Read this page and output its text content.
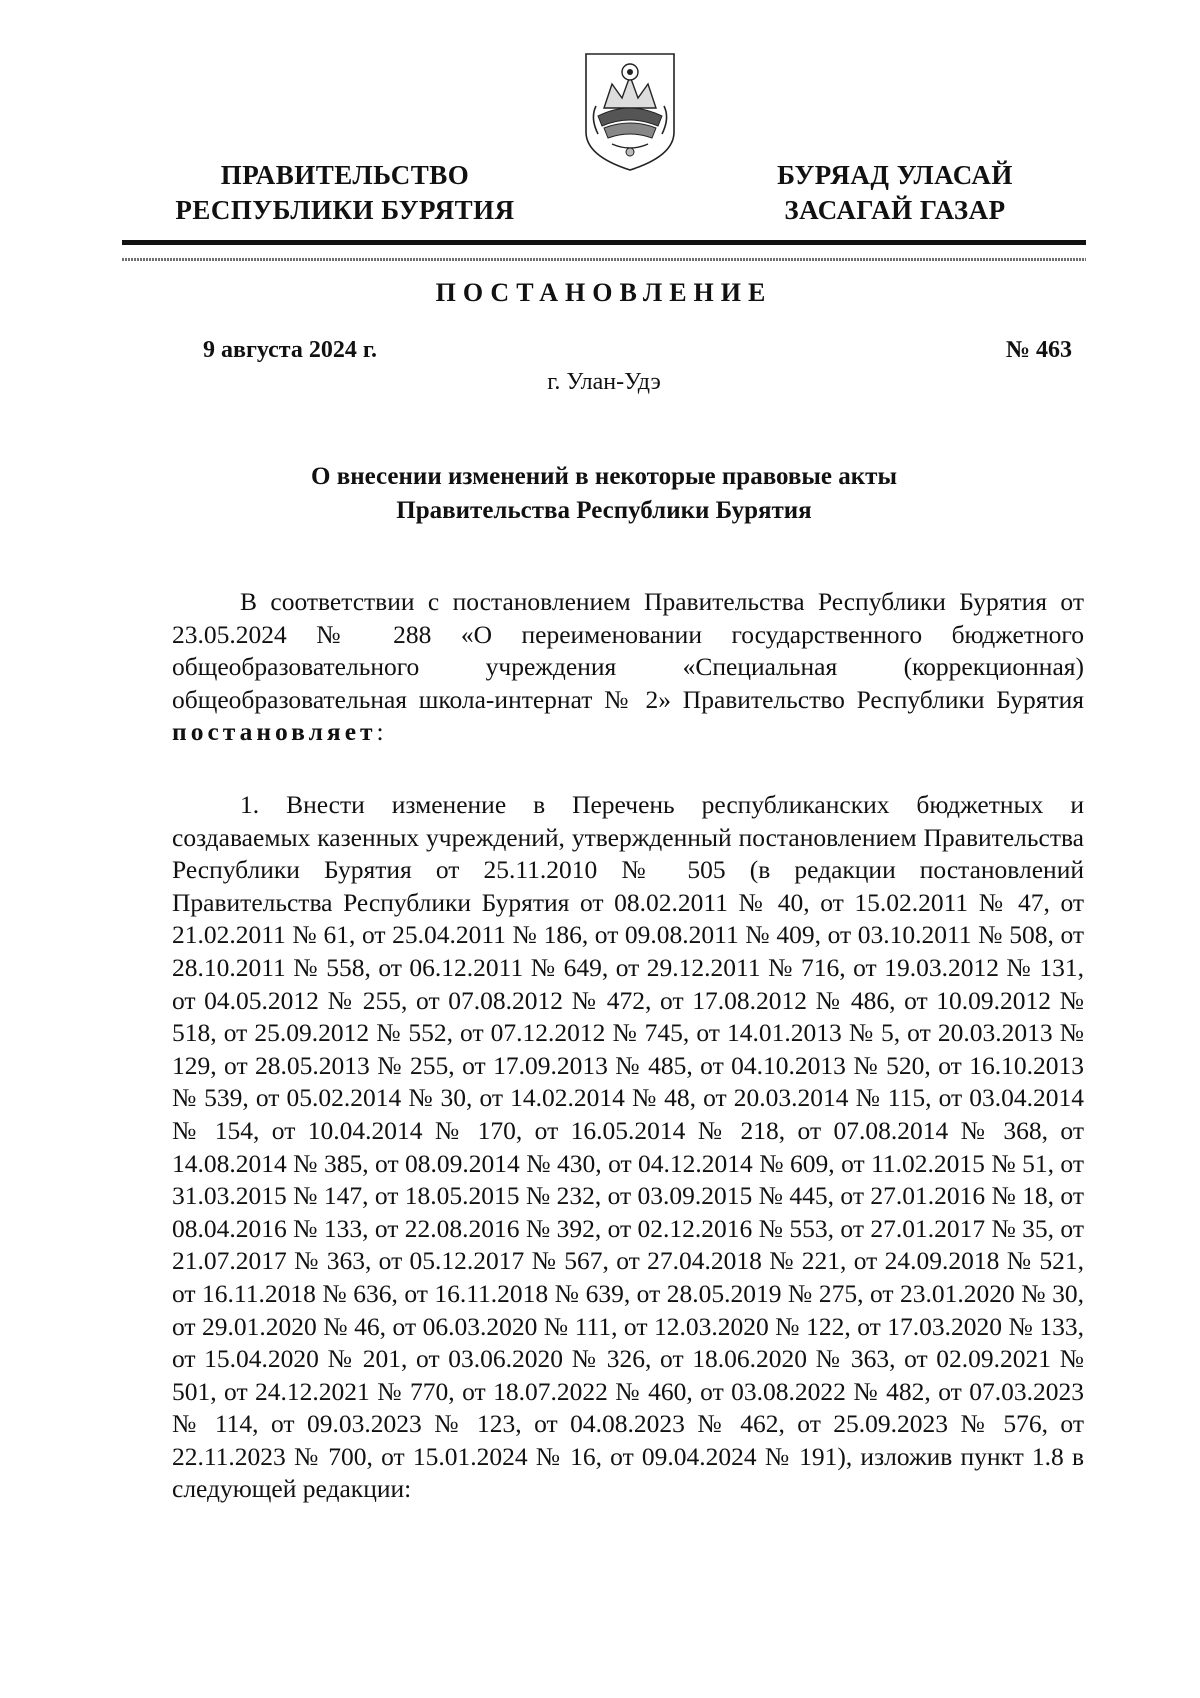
ПРАВИТЕЛЬСТВО
РЕСПУБЛИКИ БУРЯТИЯ
БУРЯАД УЛАСАЙ
ЗАСАГАЙ ГАЗАР
ПОСТАНОВЛЕНИЕ
9 августа 2024 г.	№ 463
г. Улан-Удэ
О внесении изменений в некоторые правовые акты
Правительства Республики Бурятия

В соответствии с постановлением Правительства Республики Бурятия от 23.05.2024 № 288 «О переименовании государственного бюджетного общеобразовательного учреждения «Специальная (коррекционная) общеобразовательная школа-интернат № 2» Правительство Республики Бурятия постановляет:

1. Внести изменение в Перечень республиканских бюджетных и создаваемых казенных учреждений, утвержденный постановлением Правительства Республики Бурятия от 25.11.2010 № 505 (в редакции постановлений Правительства Республики Бурятия от 08.02.2011 № 40, от 15.02.2011 № 47, от 21.02.2011 № 61, от 25.04.2011 № 186, от 09.08.2011 № 409, от 03.10.2011 № 508, от 28.10.2011 № 558, от 06.12.2011 № 649, от 29.12.2011 № 716, от 19.03.2012 № 131, от 04.05.2012 № 255, от 07.08.2012 № 472, от 17.08.2012 № 486, от 10.09.2012 № 518, от 25.09.2012 № 552, от 07.12.2012 № 745, от 14.01.2013 № 5, от 20.03.2013 № 129, от 28.05.2013 № 255, от 17.09.2013 № 485, от 04.10.2013 № 520, от 16.10.2013 № 539, от 05.02.2014 № 30, от 14.02.2014 № 48, от 20.03.2014 № 115, от 03.04.2014 № 154, от 10.04.2014 № 170, от 16.05.2014 № 218, от 07.08.2014 № 368, от 14.08.2014 № 385, от 08.09.2014 № 430, от 04.12.2014 № 609, от 11.02.2015 № 51, от 31.03.2015 № 147, от 18.05.2015 № 232, от 03.09.2015 № 445, от 27.01.2016 № 18, от 08.04.2016 № 133, от 22.08.2016 № 392, от 02.12.2016 № 553, от 27.01.2017 № 35, от 21.07.2017 № 363, от 05.12.2017 № 567, от 27.04.2018 № 221, от 24.09.2018 № 521, от 16.11.2018 № 636, от 16.11.2018 № 639, от 28.05.2019 № 275, от 23.01.2020 № 30, от 29.01.2020 № 46, от 06.03.2020 № 111, от 12.03.2020 № 122, от 17.03.2020 № 133, от 15.04.2020 № 201, от 03.06.2020 № 326, от 18.06.2020 № 363, от 02.09.2021 № 501, от 24.12.2021 № 770, от 18.07.2022 № 460, от 03.08.2022 № 482, от 07.03.2023 № 114, от 09.03.2023 № 123, от 04.08.2023 № 462, от 25.09.2023 № 576, от 22.11.2023 № 700, от 15.01.2024 № 16, от 09.04.2024 № 191), изложив пункт 1.8 в следующей редакции:
